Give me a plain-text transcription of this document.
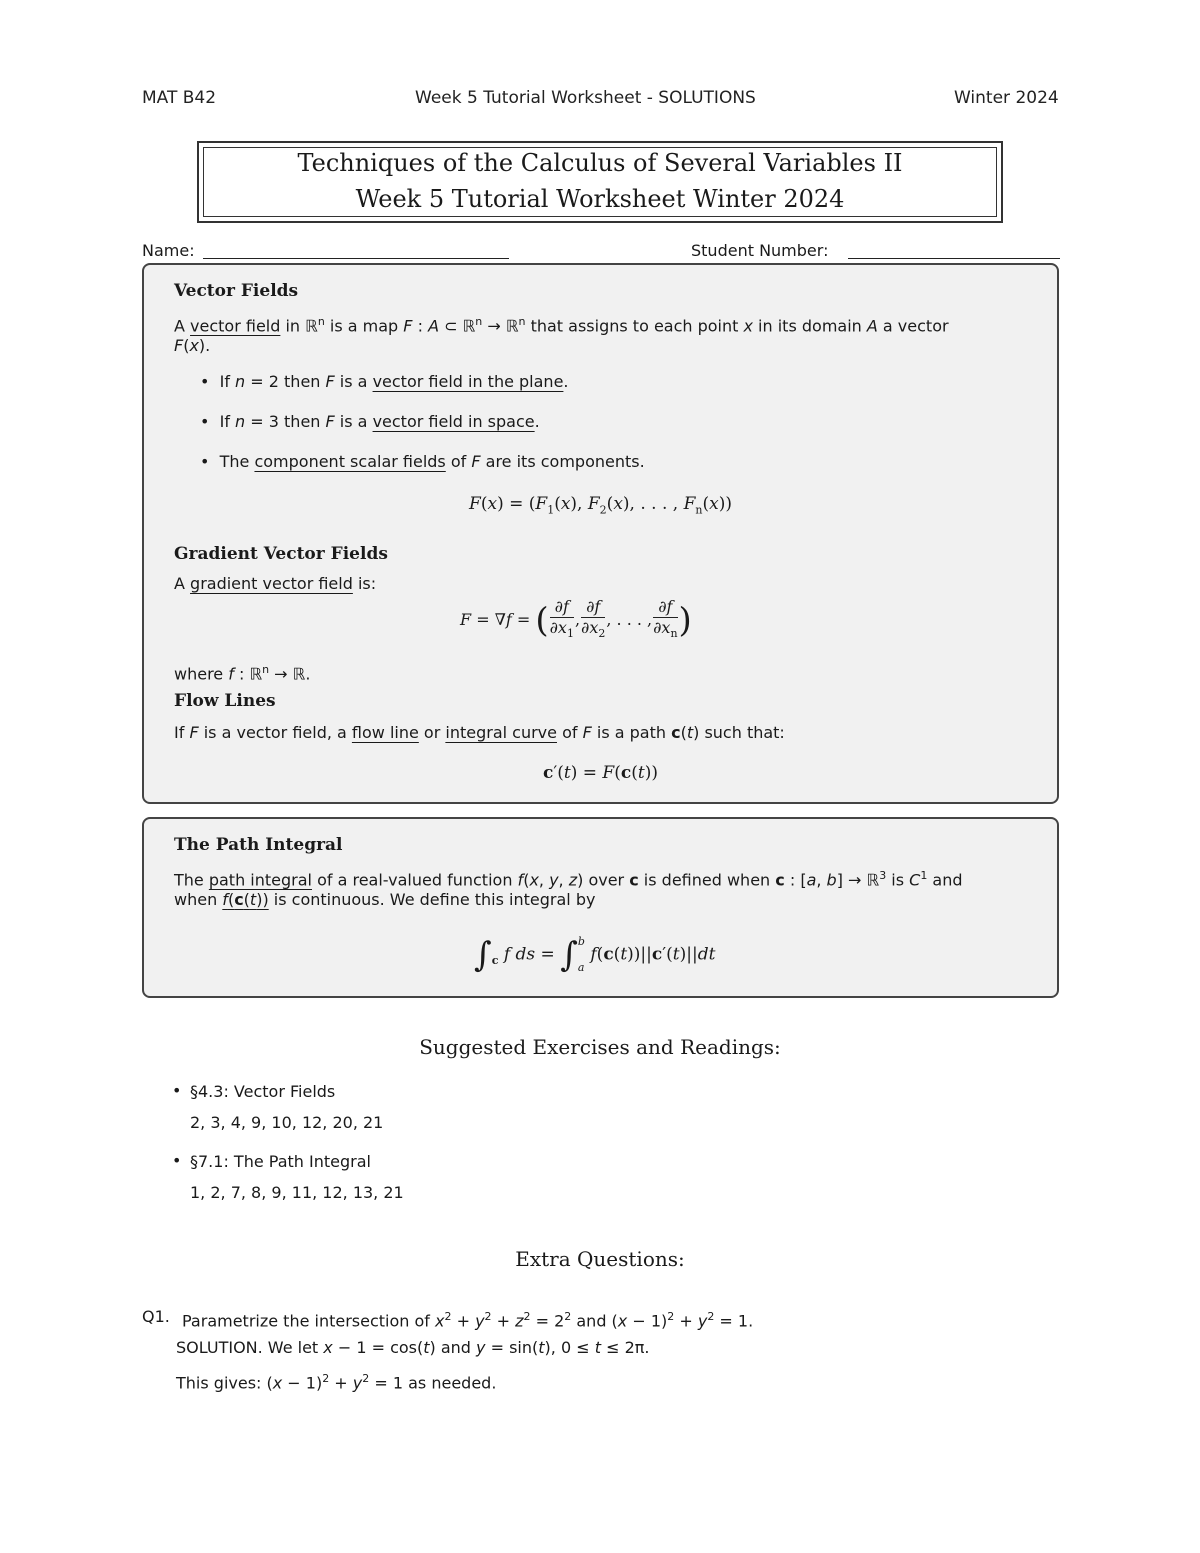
MAT B42	Week 5 Tutorial Worksheet - SOLUTIONS	Winter 2024
Techniques of the Calculus of Several Variables II
Week 5 Tutorial Worksheet Winter 2024
Name:	Student Number:
Vector Fields
A vector field in ℝ$^n$ is a map F : A ⊂ ℝ$^n$ → ℝ$^n$ that assigns to each point x in its domain A a vector
F(x).
•  If n = 2 then F is a vector field in the plane.
•  If n = 3 then F is a vector field in space.
•  The component scalar fields of F are its components.
$F(x) = (F_1(x)$, $F_2(x)$, . . . , $F_n(x)$)
Gradient Vector Fields
A gradient vector field is:
F = ∇f = ( $\frac{\partial f}{\partial x_1}$ , $\frac{\partial f}{\partial x_2}$ , . . . , $\frac{\partial f}{\partial x_n}$ )
where f : ℝ$^n$ → ℝ.
Flow Lines
If F is a vector field, a flow line or integral curve of F is a path c(t) such that:
c′(t) = F(c(t))
The Path Integral
The path integral of a real-valued function f(x, y, z) over c is defined when c : [a, b] → ℝ$^3$ is $C^1$ and
when f(c(t)) is continuous. We define this integral by
$\int_c$ f ds = ∫b
a f(c(t))||c′(t)||dt
Suggested Exercises and Readings:
• §4.3: Vector Fields
2, 3, 4, 9, 10, 12, 20, 21
• §7.1: The Path Integral
1, 2, 7, 8, 9, 11, 12, 13, 21
Extra Questions:
Q1. Parametrize the intersection of $x^2 + y^2 + z^2 = 2^2$ and $(x - 1)^2 + y^2 = 1$.
SOLUTION. We let x − 1 = cos(t) and y = sin(t), 0 ≤ t ≤ 2π.
This gives: $(x - 1)^2 + y^2 = 1$ as needed.
